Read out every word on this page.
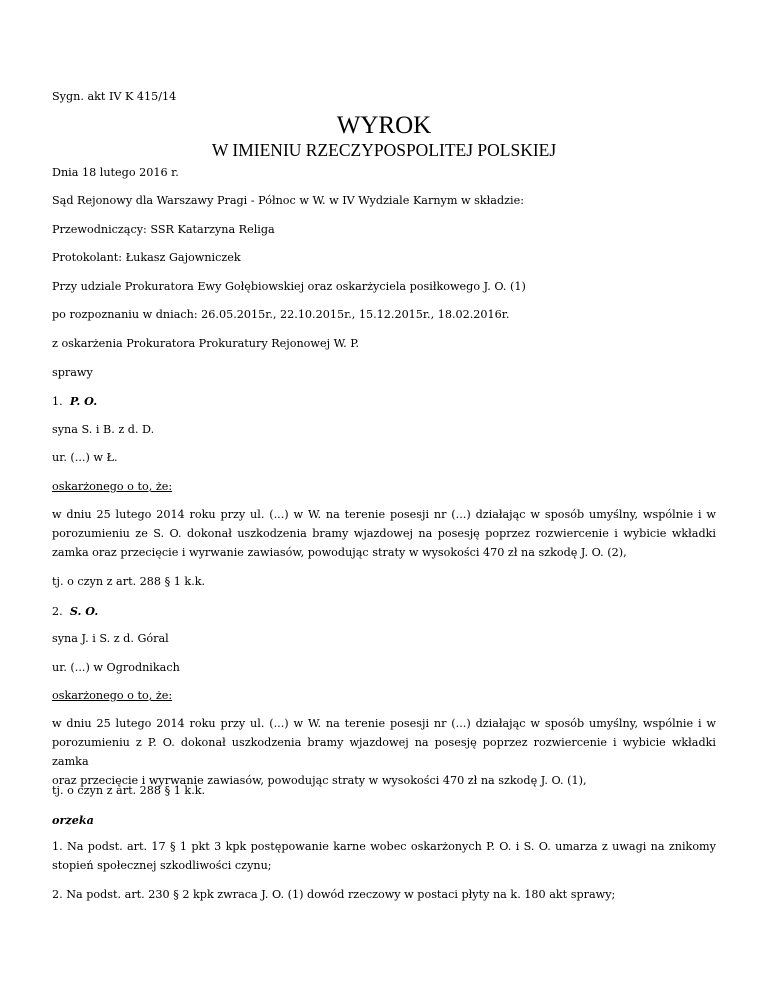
Sygn. akt IV K 415/14
WYROK
W IMIENIU RZECZYPOSPOLITEJ POLSKIEJ
Dnia 18 lutego 2016 r.
Sąd Rejonowy dla Warszawy Pragi - Północ w W. w IV Wydziale Karnym w składzie:
Przewodniczący: SSR Katarzyna Religa
Protokolant: Łukasz Gajowniczek
Przy udziale Prokuratora Ewy Gołębiowskiej oraz oskarżyciela posiłkowego J. O. (1)
po rozpoznaniu w dniach: 26.05.2015r., 22.10.2015r., 15.12.2015r., 18.02.2016r.
z oskarżenia Prokuratora Prokuratury Rejonowej W. P.
sprawy
1. P. O.
syna S. i B. z d. D.
ur. (...) w Ł.
oskarżonego o to, że:
w dniu 25 lutego 2014 roku przy ul. (...) w W. na terenie posesji nr (...) działając w sposób umyślny, wspólnie i w
porozumieniu ze S. O. dokonał uszkodzenia bramy wjazdowej na posesję poprzez rozwiercenie i wybicie wkładki
zamka oraz przecięcie i wyrwanie zawiasów, powodując straty w wysokości 470 zł na szkodę J. O. (2),
tj. o czyn z art. 288 § 1 k.k.
2. S. O.
syna J. i S. z d. Góral
ur. (...) w Ogrodnikach
oskarżonego o to, że:
w dniu 25 lutego 2014 roku przy ul. (...) w W. na terenie posesji nr (...) działając w sposób umyślny, wspólnie i w
porozumieniu z P. O. dokonał uszkodzenia bramy wjazdowej na posesję poprzez rozwiercenie i wybicie wkładki zamka
oraz przecięcie i wyrwanie zawiasów, powodując straty w wysokości 470 zł na szkodę J. O. (1),
tj. o czyn z art. 288 § 1 k.k.
orzeka
1. Na podst. art. 17 § 1 pkt 3 kpk postępowanie karne wobec oskarżonych P. O. i S. O. umarza z uwagi na znikomy
stopień społecznej szkodliwości czynu;
2. Na podst. art. 230 § 2 kpk zwraca J. O. (1) dowód rzeczowy w postaci płyty na k. 180 akt sprawy;
